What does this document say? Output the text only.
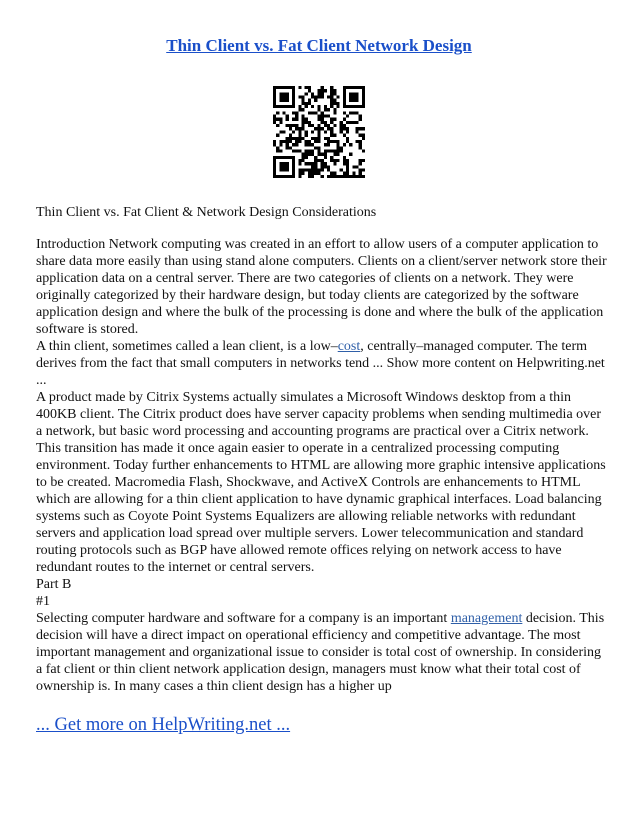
Thin Client vs. Fat Client Network Design
Thin Client vs. Fat Client & Network Design Considerations

Introduction Network computing was created in an effort to allow users of a computer application to share data more easily than using stand alone computers. Clients on a client/server network store their application data on a central server. There are two categories of clients on a network. They were originally categorized by their hardware design, but today clients are categorized by the software application design and where the bulk of the processing is done and where the bulk of the application software is stored.

A thin client, sometimes called a lean client, is a low–cost, centrally–managed computer. The term derives from the fact that small computers in networks tend ... Show more content on Helpwriting.net ...

A product made by Citrix Systems actually simulates a Microsoft Windows desktop from a thin 400KB client. The Citrix product does have server capacity problems when sending multimedia over a network, but basic word processing and accounting programs are practical over a Citrix network.

This transition has made it once again easier to operate in a centralized processing computing environment. Today further enhancements to HTML are allowing more graphic intensive applications to be created. Macromedia Flash, Shockwave, and ActiveX Controls are enhancements to HTML which are allowing for a thin client application to have dynamic graphical interfaces. Load balancing systems such as Coyote Point Systems Equalizers are allowing reliable networks with redundant servers and application load spread over multiple servers. Lower telecommunication and standard routing protocols such as BGP have allowed remote offices relying on network access to have redundant routes to the internet or central servers.

Part B

#1

Selecting computer hardware and software for a company is an important management decision. This decision will have a direct impact on operational efficiency and competitive advantage. The most important management and organizational issue to consider is total cost of ownership. In considering a fat client or thin client network application design, managers must know what their total cost of ownership is. In many cases a thin client design has a higher up

... Get more on HelpWriting.net ...
